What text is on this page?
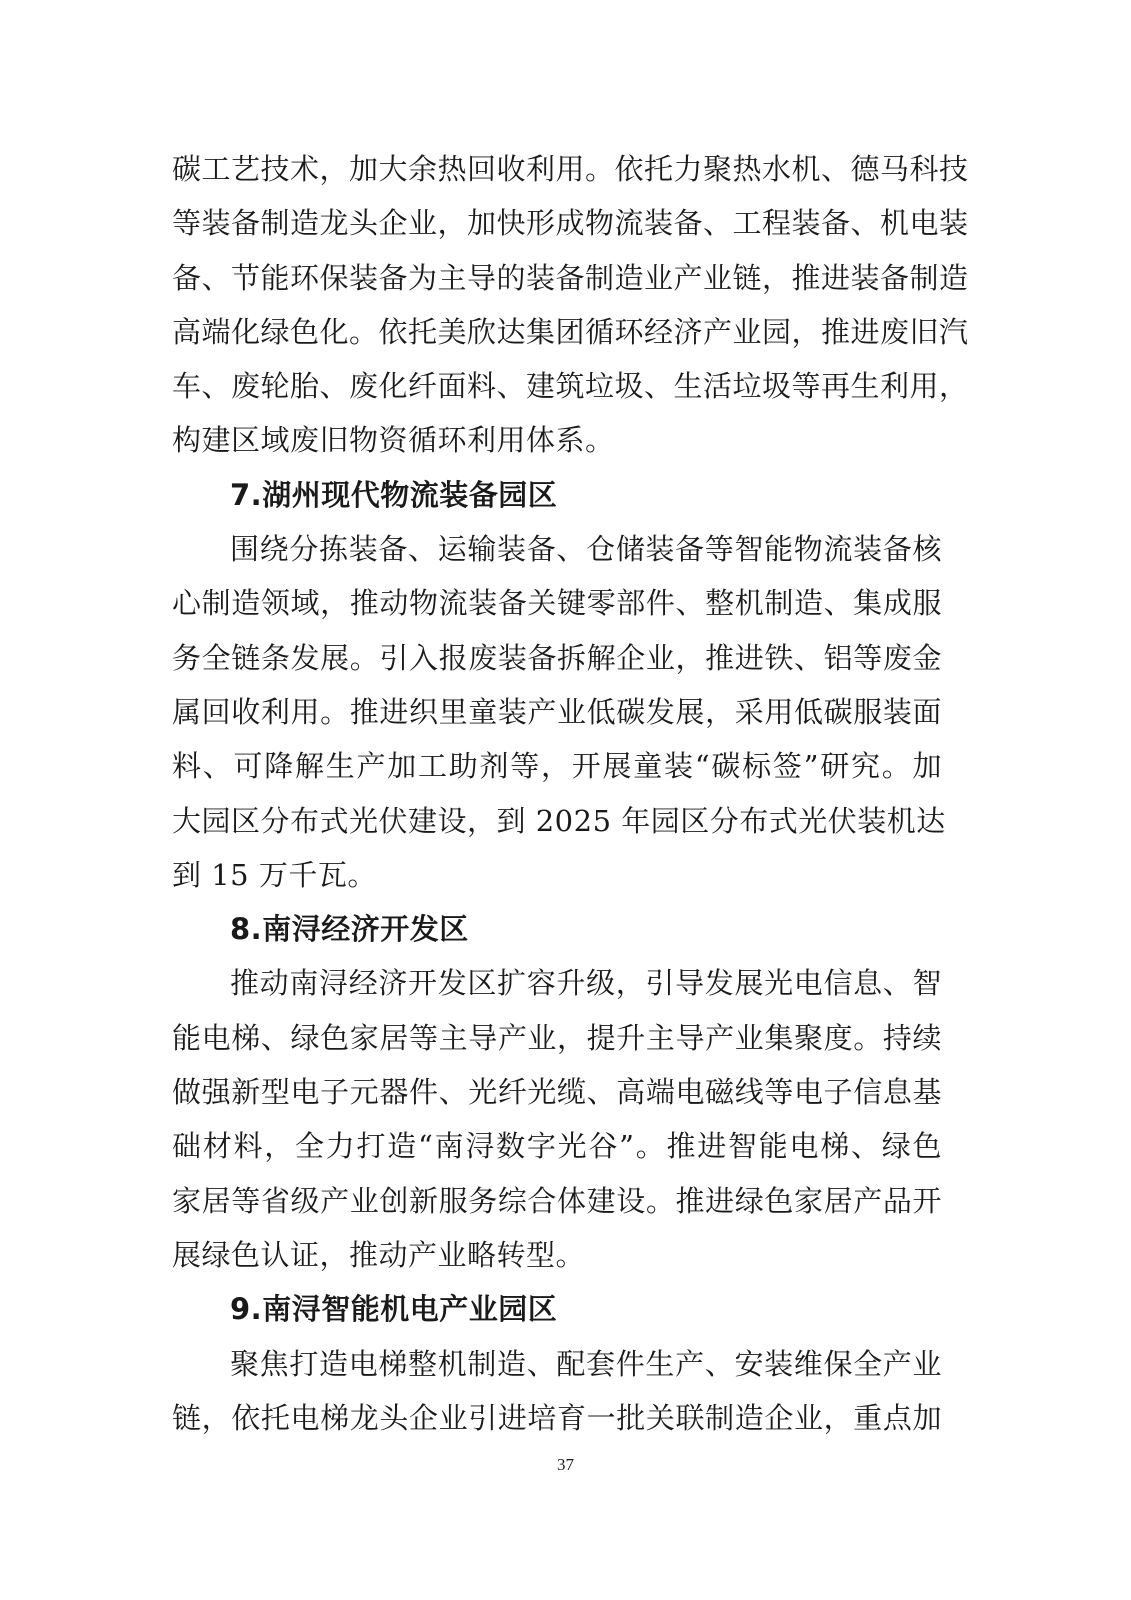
碳工艺技术，加大余热回收利用。依托力聚热水机、德马科技
等装备制造龙头企业，加快形成物流装备、工程装备、机电装
备、节能环保装备为主导的装备制造业产业链，推进装备制造
高端化绿色化。依托美欣达集团循环经济产业园，推进废旧汽
车、废轮胎、废化纤面料、建筑垃圾、生活垃圾等再生利用，
构建区域废旧物资循环利用体系。
7.湖州现代物流装备园区
围绕分拣装备、运输装备、仓储装备等智能物流装备核
心制造领域，推动物流装备关键零部件、整机制造、集成服
务全链条发展。引入报废装备拆解企业，推进铁、铝等废金
属回收利用。推进织里童装产业低碳发展，采用低碳服装面
料、可降解生产加工助剂等，开展童装“碳标签”研究。加
大园区分布式光伏建设，到 2025 年园区分布式光伏装机达
到 15 万千瓦。
8.南浔经济开发区
推动南浔经济开发区扩容升级，引导发展光电信息、智
能电梯、绿色家居等主导产业，提升主导产业集聚度。持续
做强新型电子元器件、光纤光缆、高端电磁线等电子信息基
础材料，全力打造“南浔数字光谷”。推进智能电梯、绿色
家居等省级产业创新服务综合体建设。推进绿色家居产品开
展绿色认证，推动产业略转型。
9.南浔智能机电产业园区
聚焦打造电梯整机制造、配套件生产、安装维保全产业
链，依托电梯龙头企业引进培育一批关联制造企业，重点加
37
